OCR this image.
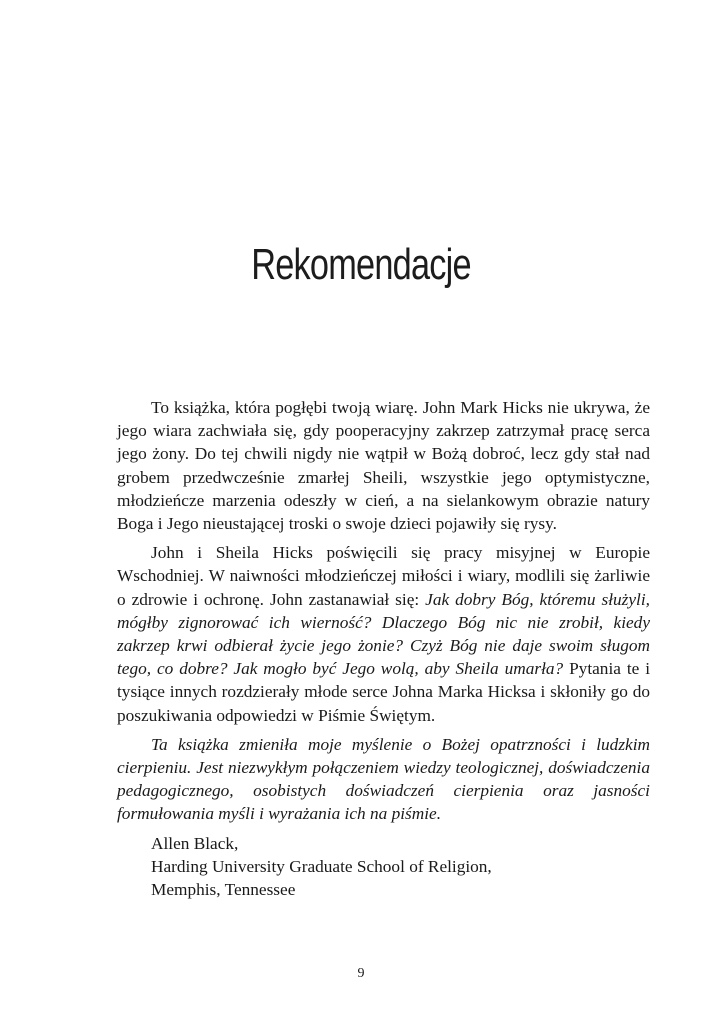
Rekomendacje

To książka, która pogłębi twoją wiarę. John Mark Hicks nie ukrywa, że jego wiara zachwiała się, gdy pooperacyjny zakrzep zatrzymał pracę serca jego żony. Do tej chwili nigdy nie wątpił w Bożą dobroć, lecz gdy stał nad grobem przedwcześnie zmarłej Sheili, wszystkie jego optymistyczne, młodzieńcze marzenia odeszły w cień, a na sielankowym obrazie natury Boga i Jego nieustającej troski o swoje dzieci pojawiły się rysy.

John i Sheila Hicks poświęcili się pracy misyjnej w Europie Wschodniej. W naiwności młodzieńczej miłości i wiary, modlili się żarliwie o zdrowie i ochronę. John zastanawiał się: Jak dobry Bóg, któremu służyli, mógłby zignorować ich wierność? Dlaczego Bóg nic nie zrobił, kiedy zakrzep krwi odbierał życie jego żonie? Czyż Bóg nie daje swoim sługom tego, co dobre? Jak mogło być Jego wolą, aby Sheila umarła? Pytania te i tysiące innych rozdzierały młode serce Johna Marka Hicksa i skłoniły go do poszukiwania odpowiedzi w Piśmie Świętym.

Ta książka zmieniła moje myślenie o Bożej opatrzności i ludzkim cierpieniu. Jest niezwykłym połączeniem wiedzy teologicznej, doświadczenia pedagogicznego, osobistych doświadczeń cierpienia oraz jasności formułowania myśli i wyrażania ich na piśmie.

Allen Black,

Harding University Graduate School of Religion,

Memphis, Tennessee

9
